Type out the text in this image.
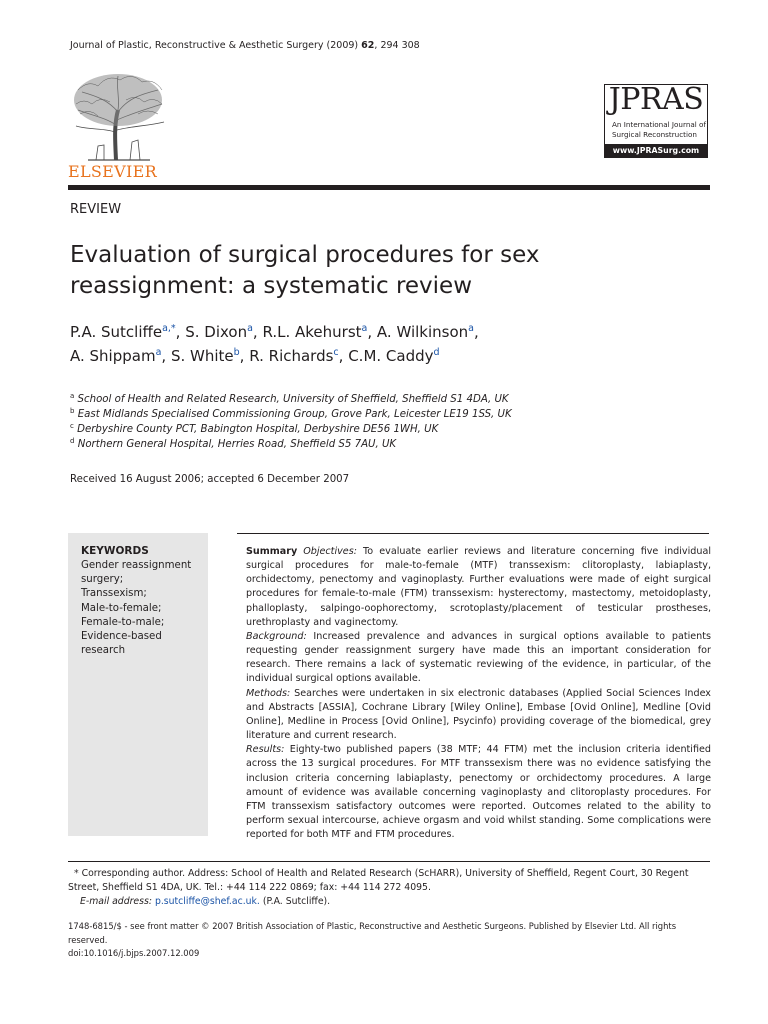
Journal of Plastic, Reconstructive & Aesthetic Surgery (2009) 62, 294 308
ELSEVIER
JPRAS
An International Journal of
Surgical Reconstruction
www.JPRASurg.com
REVIEW
Evaluation of surgical procedures for sex reassignment: a systematic review
P.A. Sutcliffe$^{a,*}$, S. Dixon$^a$, R.L. Akehurst$^a$, A. Wilkinson$^a$,
A. Shippam$^a$, S. White$^b$, R. Richards$^c$, C.M. Caddy$^d$
$^a$ School of Health and Related Research, University of Sheffield, Sheffield S1 4DA, UK
$^b$ East Midlands Specialised Commissioning Group, Grove Park, Leicester LE19 1SS, UK
$^c$ Derbyshire County PCT, Babington Hospital, Derbyshire DE56 1WH, UK
$^d$ Northern General Hospital, Herries Road, Sheffield S5 7AU, UK
Received 16 August 2006; accepted 6 December 2007
KEYWORDS
Gender reassignment surgery;
Transsexism;
Male-to-female;
Female-to-male;
Evidence-based research

Summary Objectives: To evaluate earlier reviews and literature concerning five individual surgical procedures for male-to-female (MTF) transsexism: clitoroplasty, labiaplasty, orchidectomy, penectomy and vaginoplasty. Further evaluations were made of eight surgical procedures for female-to-male (FTM) transsexism: hysterectomy, mastectomy, metoidoplasty, phalloplasty, salpingo-oophorectomy, scrotoplasty/placement of testicular prostheses, urethroplasty and vaginectomy.

Background: Increased prevalence and advances in surgical options available to patients requesting gender reassignment surgery have made this an important consideration for research. There remains a lack of systematic reviewing of the evidence, in particular, of the individual surgical options available.

Methods: Searches were undertaken in six electronic databases (Applied Social Sciences Index and Abstracts [ASSIA], Cochrane Library [Wiley Online], Embase [Ovid Online], Medline [Ovid Online], Medline in Process [Ovid Online], Psycinfo) providing coverage of the biomedical, grey literature and current research.

Results: Eighty-two published papers (38 MTF; 44 FTM) met the inclusion criteria identified across the 13 surgical procedures. For MTF transsexism there was no evidence satisfying the inclusion criteria concerning labiaplasty, penectomy or orchidectomy procedures. A large amount of evidence was available concerning vaginoplasty and clitoroplasty procedures. For FTM transsexism satisfactory outcomes were reported. Outcomes related to the ability to perform sexual intercourse, achieve orgasm and void whilst standing. Some complications were reported for both MTF and FTM procedures.

* Corresponding author. Address: School of Health and Related Research (ScHARR), University of Sheffield, Regent Court, 30 Regent Street, Sheffield S1 4DA, UK. Tel.: +44 114 222 0869; fax: +44 114 272 4095.

E-mail address: p.sutcliffe@shef.ac.uk. (P.A. Sutcliffe).

1748-6815/$ - see front matter © 2007 British Association of Plastic, Reconstructive and Aesthetic Surgeons. Published by Elsevier Ltd. All rights reserved.

doi:10.1016/j.bjps.2007.12.009
